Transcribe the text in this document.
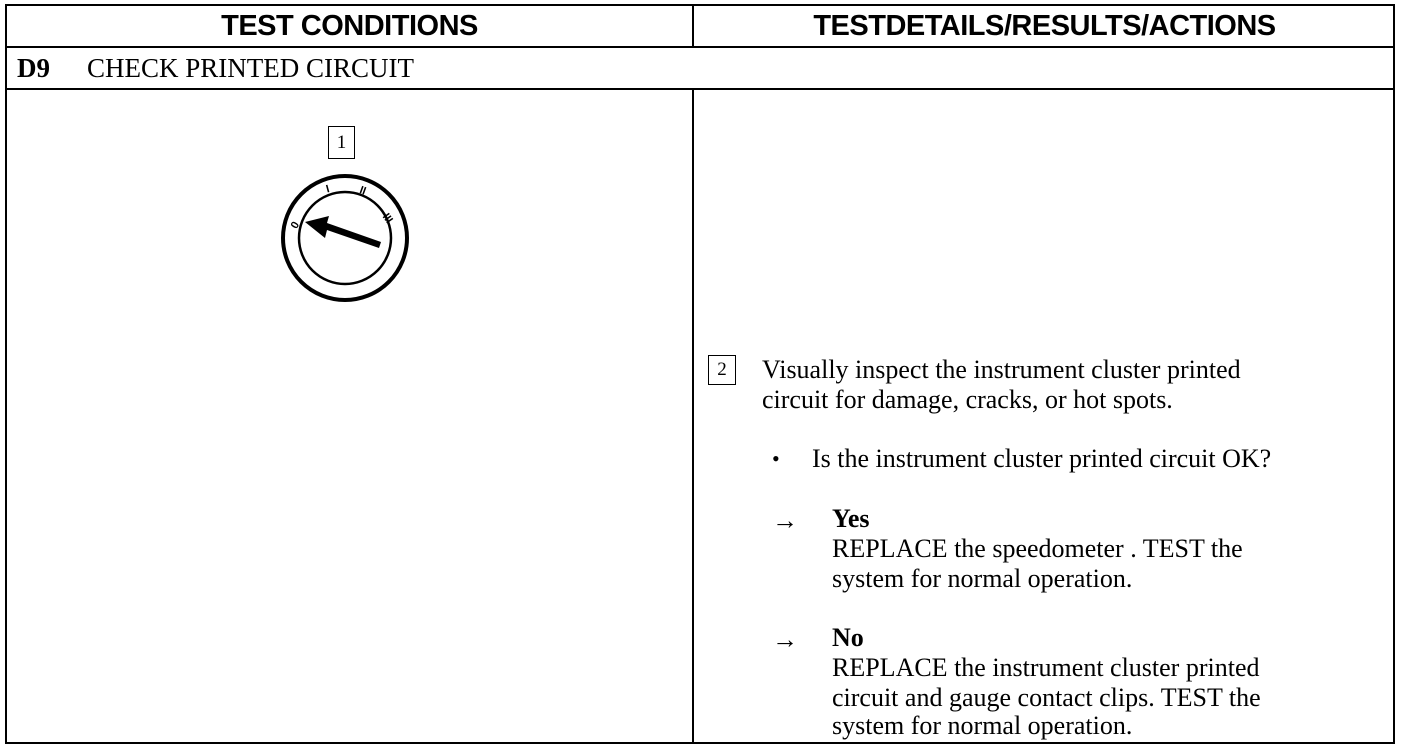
TEST CONDITIONS	TESTDETAILS/RESULTS/ACTIONS
D9	CHECK PRINTED CIRCUIT
1
0
I II
III
2	Visually inspect the instrument cluster printed
circuit for damage, cracks, or hot spots.
• Is the instrument cluster printed circuit OK?
→ Yes
REPLACE the speedometer . TEST the
system for normal operation.
→ No
REPLACE the instrument cluster printed
circuit and gauge contact clips. TEST the
system for normal operation.
